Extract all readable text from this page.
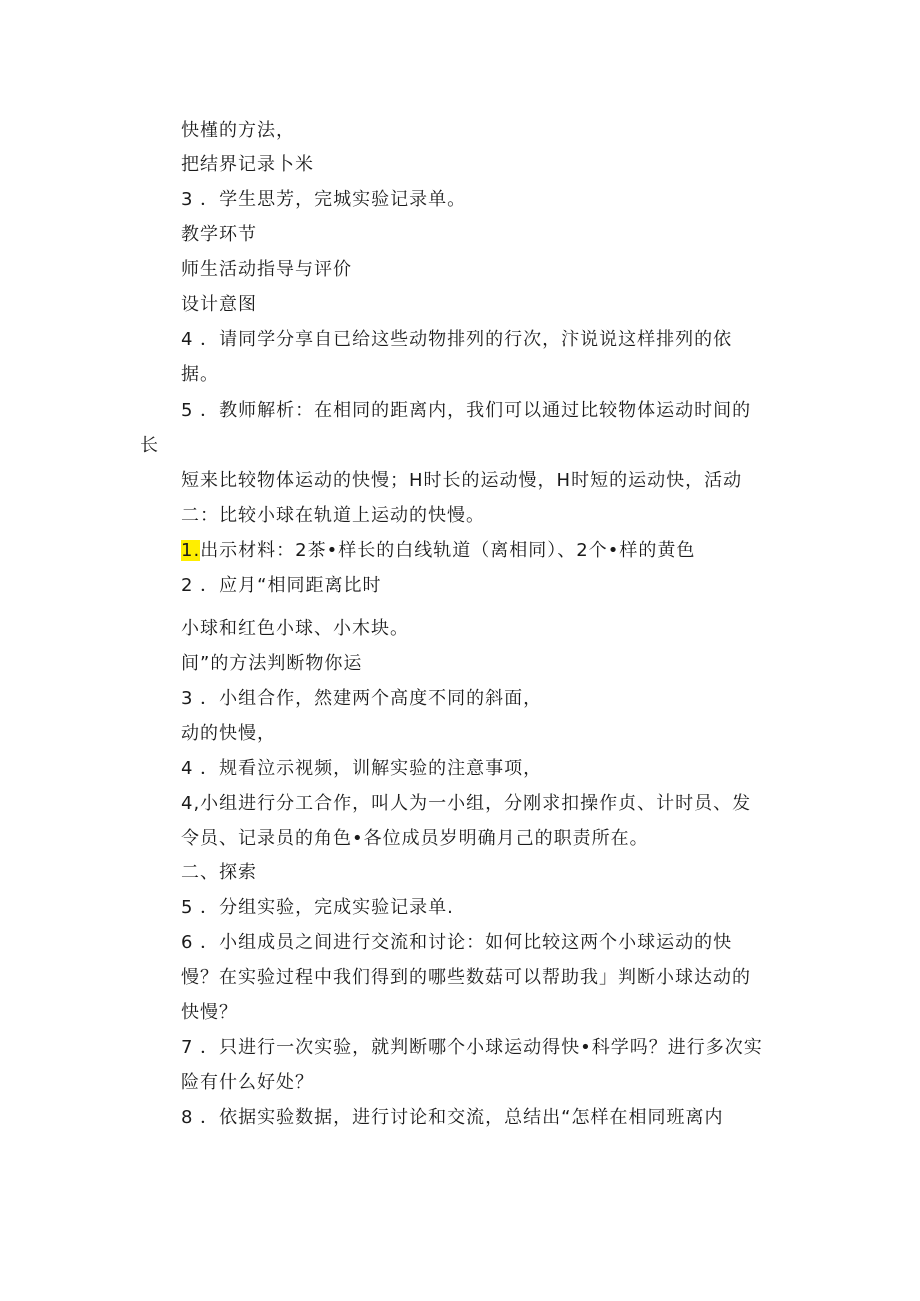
快槿的方法，
把结界记录卜米
3 ．学生思芳，完城实验记录单。
教学环节
师生活动指导与评价
设计意图
4 ．请同学分享自已给这些动物排列的行次，汴说说这样排列的依
据。
5 ．教师解析：在相同的距离内，我们可以通过比较物体运动时间的
长
短来比较物体运动的快慢；H时长的运动慢，H时短的运动快，活动
二：比较小球在轨道上运动的快慢。
1.出示材料：2茶•样长的白线轨道（离相同）、2个•样的黄色
2 ．应月“相同距离比时
小球和红色小球、小木块。
间”的方法判断物你运
3 ．小组合作，然建两个高度不同的斜面，
动的快慢，
4 ．规看泣示视频，训解实验的注意事项，
4,小组进行分工合作，叫人为一小组，分刚求扣操作贞、计时员、发
令员、记录员的角色•各位成员岁明确月己的职责所在。
二、探索
5 ．分组实验，完成实验记录单.
6 ．小组成员之间进行交流和讨论：如何比较这两个小球运动的快
慢？在实验过程中我们得到的哪些数菇可以帮助我」判断小球达动的
快慢？
7 ．只进行一次实验，就判断哪个小球运动得快•科学吗？进行多次实
险有什么好处？
8 ．依据实验数据，进行讨论和交流，总结出“怎样在相同班离内
